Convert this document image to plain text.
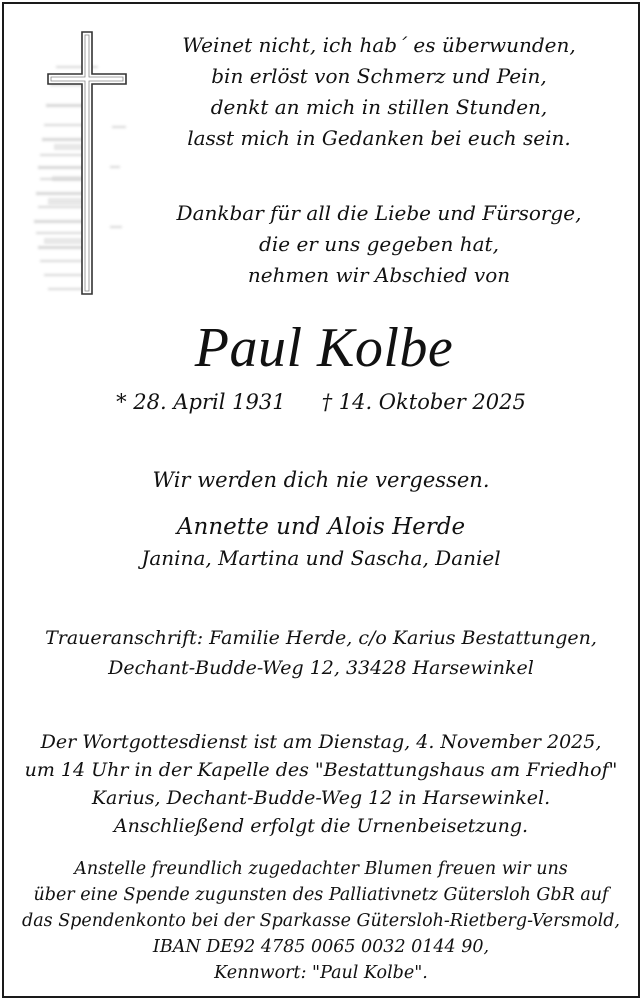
Weinet nicht, ich hab´ es überwunden,
bin erlöst von Schmerz und Pein,
denkt an mich in stillen Stunden,
lasst mich in Gedanken bei euch sein.
Dankbar für all die Liebe und Fürsorge,
die er uns gegeben hat,
nehmen wir Abschied von
Paul Kolbe
* 28. April 1931 † 14. Oktober 2025
Wir werden dich nie vergessen.
Annette und Alois Herde
Janina, Martina und Sascha, Daniel
Traueranschrift: Familie Herde, c/o Karius Bestattungen,
Dechant-Budde-Weg 12, 33428 Harsewinkel
Der Wortgottesdienst ist am Dienstag, 4. November 2025,
um 14 Uhr in der Kapelle des "Bestattungshaus am Friedhof"
Karius, Dechant-Budde-Weg 12 in Harsewinkel.
Anschließend erfolgt die Urnenbeisetzung.
Anstelle freundlich zugedachter Blumen freuen wir uns
über eine Spende zugunsten des Palliativnetz Gütersloh GbR auf
das Spendenkonto bei der Sparkasse Gütersloh-Rietberg-Versmold,
IBAN DE92 4785 0065 0032 0144 90,
Kennwort: "Paul Kolbe".
